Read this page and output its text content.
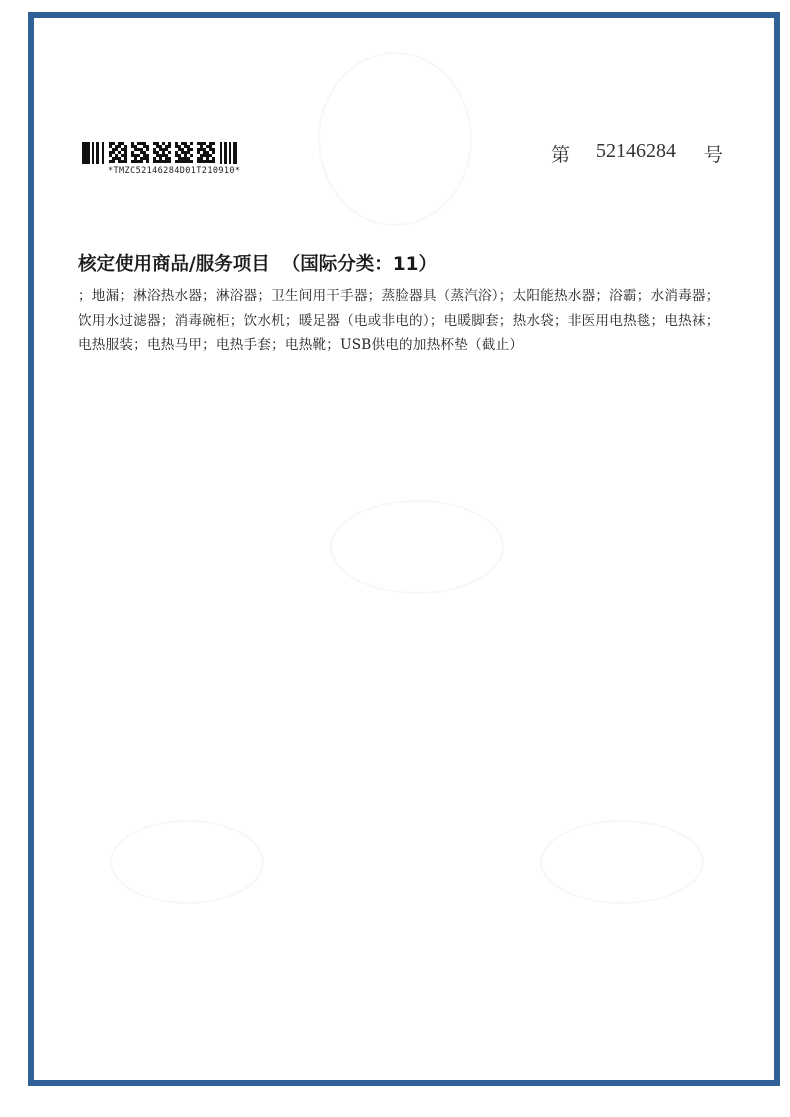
*TMZC52146284D01T210910*
第 52146284 号
核定使用商品/服务项目 （国际分类：11）
；地漏；淋浴热水器；淋浴器；卫生间用干手器；蒸脸器具（蒸汽浴）；太阳能热水器；浴霸；水消毒器；饮用水过滤器；消毒碗柜；饮水机；暖足器（电或非电的）；电暖脚套；热水袋；非医用电热毯；电热袜；电热服装；电热马甲；电热手套；电热靴；USB供电的加热杯垫（截止）
